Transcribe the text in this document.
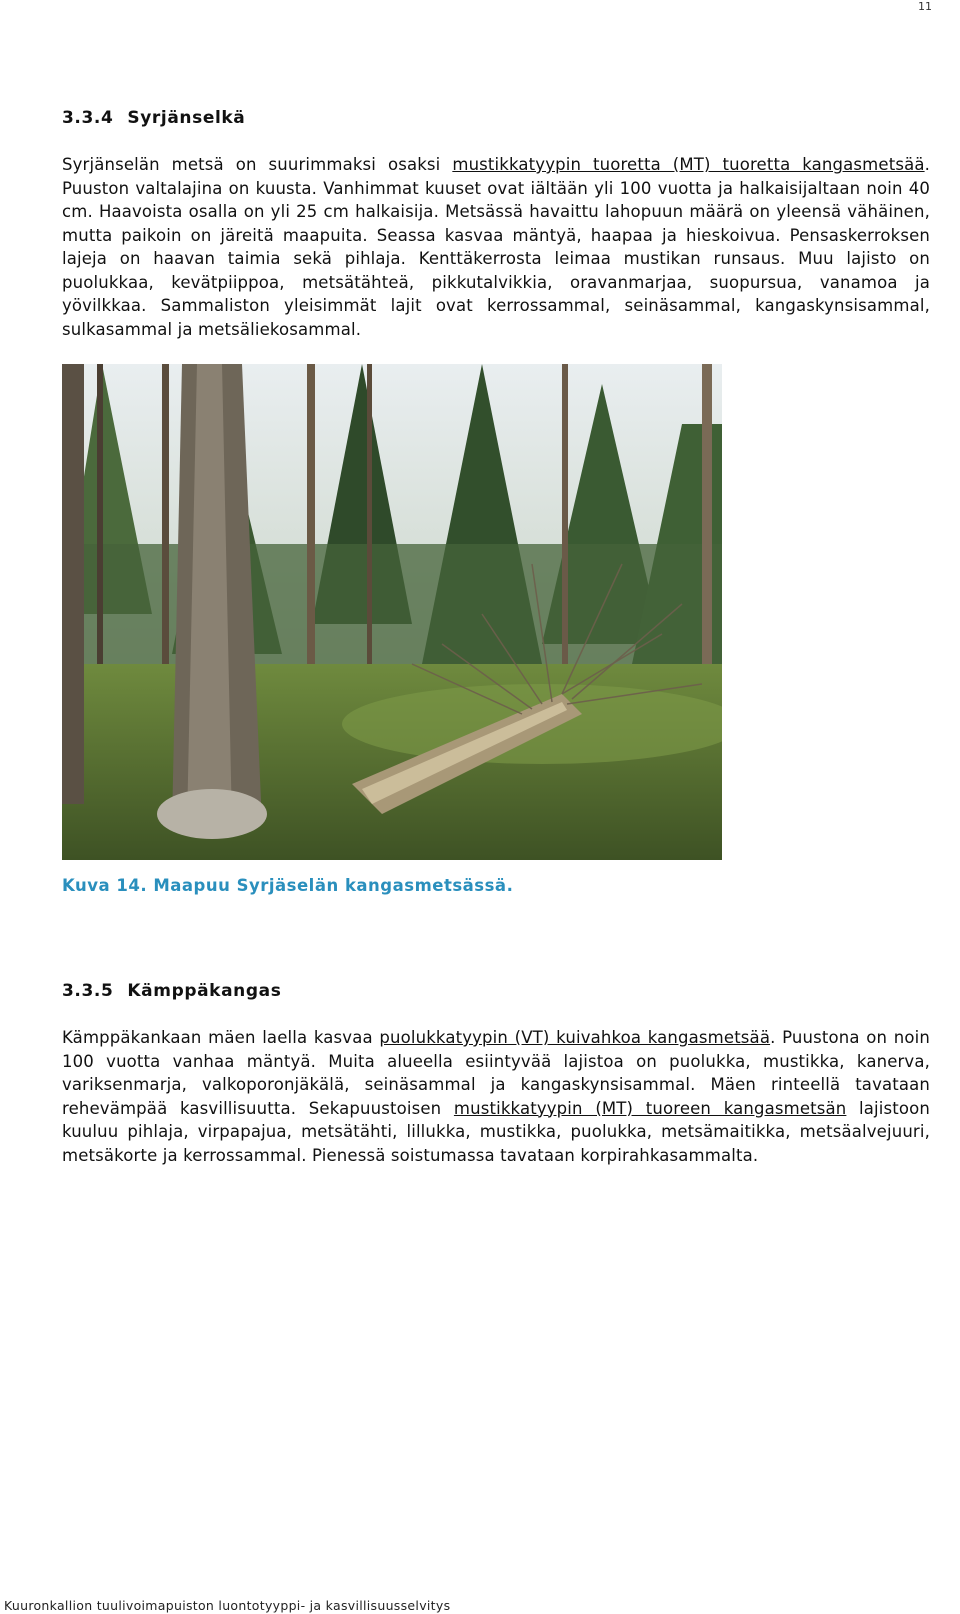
11
3.3.4 Syrjänselkä

Syrjänselän metsä on suurimmaksi osaksi mustikkatyypin tuoretta (MT) tuoretta kangasmetsää. Puuston valtalajina on kuusta. Vanhimmat kuuset ovat iältään yli 100 vuotta ja halkaisijaltaan noin 40 cm. Haavoista osalla on yli 25 cm halkaisija. Metsässä havaittu lahopuun määrä on yleensä vähäinen, mutta paikoin on järeitä maapuita. Seassa kasvaa mäntyä, haapaa ja hieskoivua. Pensaskerroksen lajeja on haavan taimia sekä pihlaja. Kenttäkerrosta leimaa mustikan runsaus. Muu lajisto on puolukkaa, kevätpiippoa, metsätähteä, pikkutalvikkia, oravanmarjaa, suopursua, vanamoa ja yövilkkaa. Sammaliston yleisimmät lajit ovat kerrossammal, seinäsammal, kangaskynsisammal, sulkasammal ja metsäliekosammal.

Kuva 14. Maapuu Syrjäselän kangasmetsässä.

3.3.5 Kämppäkangas

Kämppäkankaan mäen laella kasvaa puolukkatyypin (VT) kuivahkoa kangasmetsää. Puustona on noin 100 vuotta vanhaa mäntyä. Muita alueella esiintyvää lajistoa on puolukka, mustikka, kanerva, variksenmarja, valkoporonjäkälä, seinäsammal ja kangaskynsisammal. Mäen rinteellä tavataan rehevämpää kasvillisuutta. Sekapuustoisen mustikkatyypin (MT) tuoreen kangasmetsän lajistoon kuuluu pihlaja, virpapajua, metsätähti, lillukka, mustikka, puolukka, metsämaitikka, metsäalvejuuri, metsäkorte ja kerrossammal. Pienessä soistumassa tavataan korpirahkasammalta.

Kuuronkallion tuulivoimapuiston luontotyyppi- ja kasvillisuusselvitys
